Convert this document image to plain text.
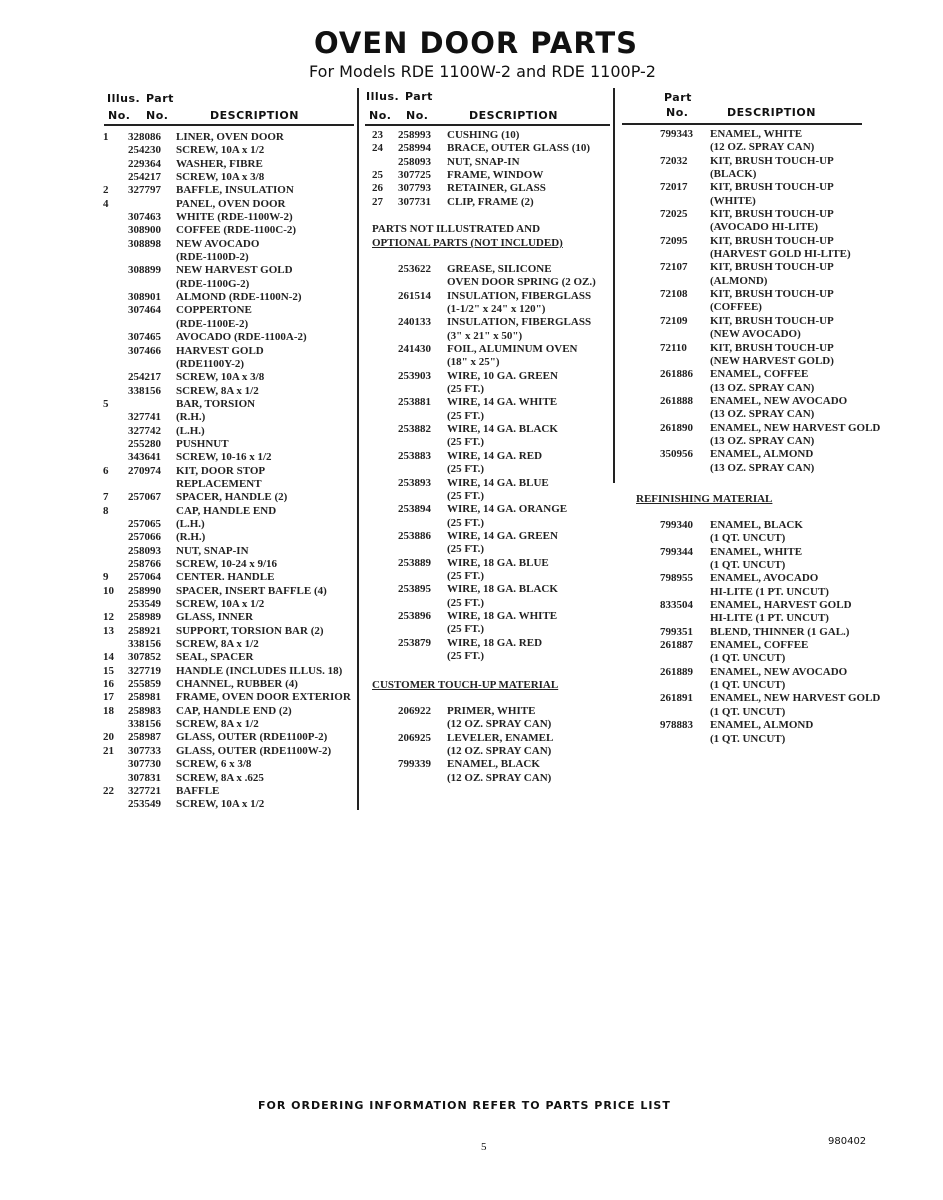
OVEN DOOR PARTS
For Models RDE 1100W-2 and RDE 1100P-2
Illus. Part
No. No.	DESCRIPTION
Illus. Part
No. No.	DESCRIPTION
Part
No.	DESCRIPTION
1 328086 LINER, OVEN DOOR
254230 SCREW, 10A x 1/2
229364 WASHER, FIBRE
254217 SCREW, 10A x 3/8
2 327797 BAFFLE, INSULATION
4	PANEL, OVEN DOOR
307463 WHITE (RDE-1100W-2)
308900 COFFEE (RDE-1100C-2)
308898 NEW AVOCADO
(RDE-1100D-2)
308899 NEW HARVEST GOLD
(RDE-1100G-2)
308901 ALMOND (RDE-1100N-2)
307464 COPPERTONE
(RDE-1100E-2)
307465 AVOCADO (RDE-1100A-2)
307466 HARVEST GOLD
(RDE1100Y-2)
254217 SCREW, 10A x 3/8
338156 SCREW, 8A x 1/2
5	BAR, TORSION
327741 (R.H.)
327742 (L.H.)
255280 PUSHNUT
343641 SCREW, 10-16 x 1/2
6 270974 KIT, DOOR STOP
REPLACEMENT
7 257067 SPACER, HANDLE (2)
8	CAP, HANDLE END
257065 (L.H.)
257066 (R.H.)
258093 NUT, SNAP-IN
258766 SCREW, 10-24 x 9/16
9 257064 CENTER. HANDLE
10 258990 SPACER, INSERT BAFFLE (4)
253549 SCREW, 10A x 1/2
12 258989 GLASS, INNER
13 258921 SUPPORT, TORSION BAR (2)
338156 SCREW, 8A x 1/2
14 307852 SEAL, SPACER
15 327719 HANDLE (INCLUDES ILLUS. 18)
16 255859 CHANNEL, RUBBER (4)
17 258981 FRAME, OVEN DOOR EXTERIOR
18 258983 CAP, HANDLE END (2)
338156 SCREW, 8A x 1/2
20 258987 GLASS, OUTER (RDE1100P-2)
21 307733 GLASS, OUTER (RDE1100W-2)
307730 SCREW, 6 x 3/8
307831 SCREW, 8A x .625
22 327721 BAFFLE
253549 SCREW, 10A x 1/2
23 258993 CUSHING (10)
24 258994 BRACE, OUTER GLASS (10)
258093 NUT, SNAP-IN
25 307725 FRAME, WINDOW
26 307793 RETAINER, GLASS
27 307731 CLIP, FRAME (2)
PARTS NOT ILLUSTRATED AND
OPTIONAL PARTS (NOT INCLUDED)
253622 GREASE, SILICONE
OVEN DOOR SPRING (2 OZ.)
261514 INSULATION, FIBERGLASS
(1-1/2" x 24" x 120")
240133 INSULATION, FIBERGLASS
(3" x 21" x 50")
241430 FOIL, ALUMINUM OVEN
(18" x 25")
253903 WIRE, 10 GA. GREEN
(25 FT.)
253881 WIRE, 14 GA. WHITE
(25 FT.)
253882 WIRE, 14 GA. BLACK
(25 FT.)
253883 WIRE, 14 GA. RED
(25 FT.)
253893 WIRE, 14 GA. BLUE
(25 FT.)
253894 WIRE, 14 GA. ORANGE
(25 FT.)
253886 WIRE, 14 GA. GREEN
(25 FT.)
253889 WIRE, 18 GA. BLUE
(25 FT.)
253895 WIRE, 18 GA. BLACK
(25 FT.)
253896 WIRE, 18 GA. WHITE
(25 FT.)
253879 WIRE, 18 GA. RED
(25 FT.)
CUSTOMER TOUCH-UP MATERIAL
206922 PRIMER, WHITE
(12 OZ. SPRAY CAN)
206925 LEVELER, ENAMEL
(12 OZ. SPRAY CAN)
799339 ENAMEL, BLACK
(12 OZ. SPRAY CAN)
799343 ENAMEL, WHITE
(12 OZ. SPRAY CAN)
72032 KIT, BRUSH TOUCH-UP
(BLACK)
72017 KIT, BRUSH TOUCH-UP
(WHITE)
72025 KIT, BRUSH TOUCH-UP
(AVOCADO HI-LITE)
72095 KIT, BRUSH TOUCH-UP
(HARVEST GOLD HI-LITE)
72107 KIT, BRUSH TOUCH-UP
(ALMOND)
72108 KIT, BRUSH TOUCH-UP
(COFFEE)
72109 KIT, BRUSH TOUCH-UP
(NEW AVOCADO)
72110 KIT, BRUSH TOUCH-UP
(NEW HARVEST GOLD)
261886 ENAMEL, COFFEE
(13 OZ. SPRAY CAN)
261888 ENAMEL, NEW AVOCADO
(13 OZ. SPRAY CAN)
261890 ENAMEL, NEW HARVEST GOLD
(13 OZ. SPRAY CAN)
350956 ENAMEL, ALMOND
(13 OZ. SPRAY CAN)
REFINISHING MATERIAL
799340 ENAMEL, BLACK
(1 QT. UNCUT)
799344 ENAMEL, WHITE
(1 QT. UNCUT)
798955 ENAMEL, AVOCADO
HI-LITE (1 PT. UNCUT)
833504 ENAMEL, HARVEST GOLD
HI-LITE (1 PT. UNCUT)
799351 BLEND, THINNER (1 GAL.)
261887 ENAMEL, COFFEE
(1 QT. UNCUT)
261889 ENAMEL, NEW AVOCADO
(1 QT. UNCUT)
261891 ENAMEL, NEW HARVEST GOLD
(1 QT. UNCUT)
978883 ENAMEL, ALMOND
(1 QT. UNCUT)
FOR ORDERING INFORMATION REFER TO PARTS PRICE LIST
5	980402
